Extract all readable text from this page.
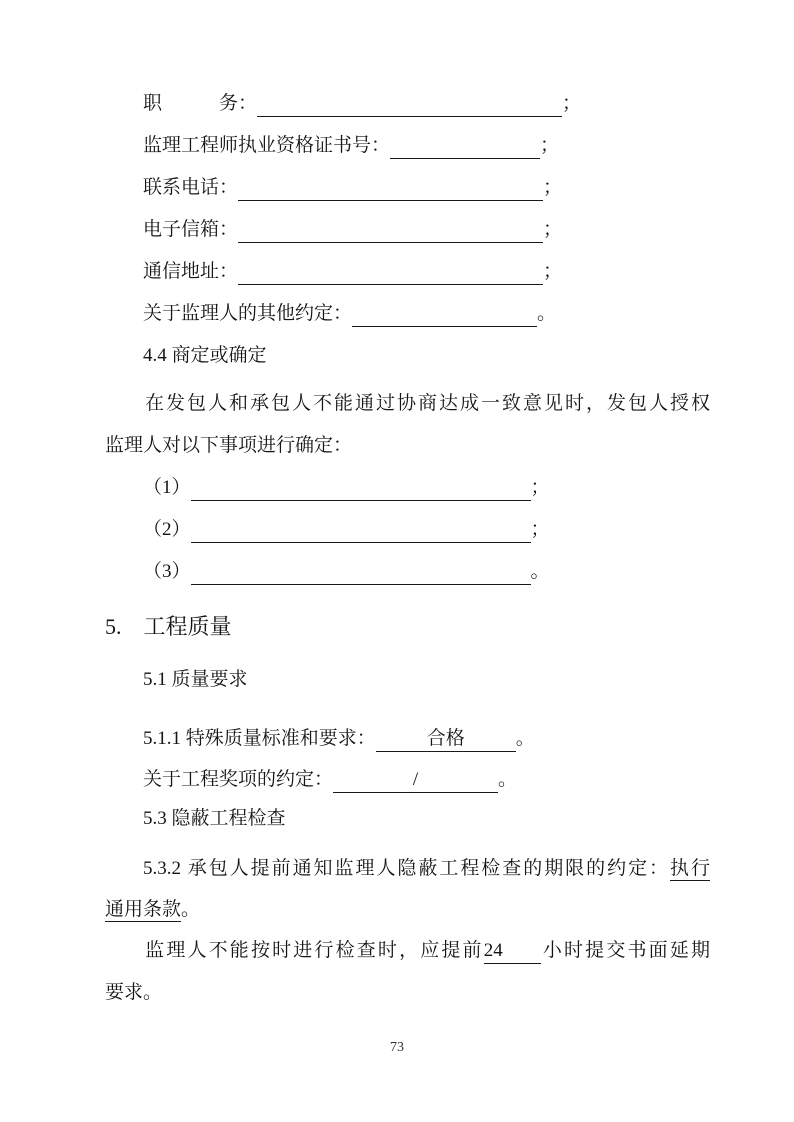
职　　　务：	；
监理工程师执业资格证书号：	；
联系电话：	；
电子信箱：	；
通信地址：	；
关于监理人的其他约定：	。
4.4 商定或确定
在发包人和承包人不能通过协商达成一致意见时，发包人授权
监理人对以下事项进行确定：
（1）	；
（2）	；
（3）	。
5.　工程质量
5.1 质量要求
5.1.1 特殊质量标准和要求：	合格	。
关于工程奖项的约定：	/	。
5.3 隐蔽工程检查
5.3.2 承包人提前通知监理人隐蔽工程检查的期限的约定：执行
通用条款。
监理人不能按时进行检查时，应提前24 小时提交书面延期
要求。
73
